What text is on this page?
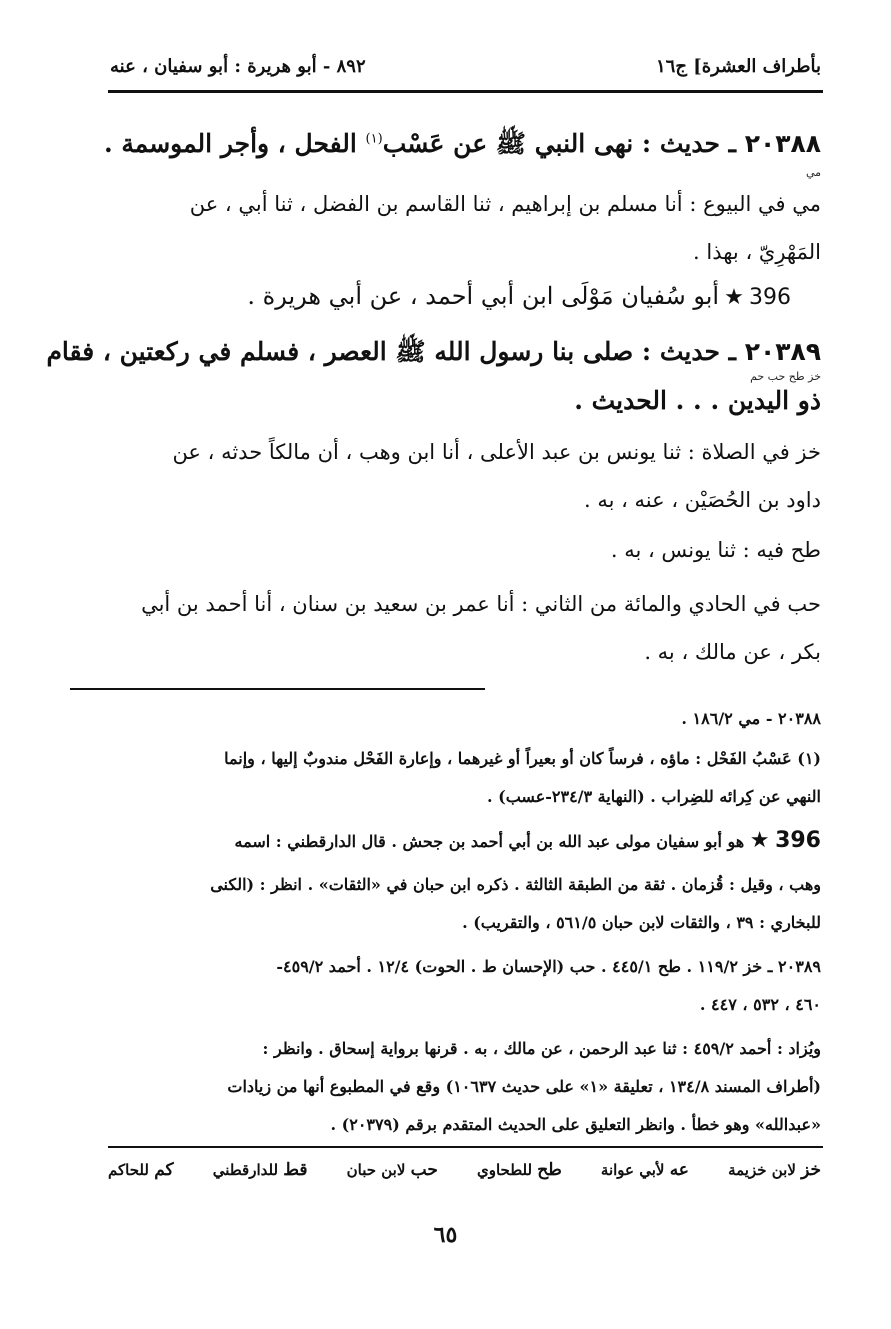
بأطراف العشرة] ج١٦
٨٩٢ - أبو هريرة : أبو سفيان ، عنه
٢٠٣٨٨ ـ حديث : نهى النبي ﷺ عن عَسْب$^{(١)}$ الفحل ، وأجر الموسمة .
مي
مي في البيوع : أنا مسلم بن إبراهيم ، ثنا القاسم بن الفضل ، ثنا أبي ، عن
المَهْرِيّ ، بهذا .
396 ★ أبو سُفيان مَوْلَى ابن أبي أحمد ، عن أبي هريرة .
٢٠٣٨٩ ـ حديث : صلى بنا رسول الله ﷺ العصر ، فسلم في ركعتين ، فقام
خز طح حب حم
ذو اليدين . . . الحديث .
خز في الصلاة : ثنا يونس بن عبد الأعلى ، أنا ابن وهب ، أن مالكاً حدثه ، عن
داود بن الحُصَيْن ، عنه ، به .
طح فيه : ثنا يونس ، به .
حب في الحادي والمائة من الثاني : أنا عمر بن سعيد بن سنان ، أنا أحمد بن أبي
بكر ، عن مالك ، به .
٢٠٣٨٨ - مي ١٨٦/٢ .
(١) عَسْبُ الفَحْل : ماؤه ، فرساً كان أو بعيراً أو غيرهما ، وإعارة الفَحْل مندوبٌ إليها ، وإنما
النهي عن كِرائه للضِراب . (النهاية ٢٣٤/٣-عسب) .
396 ★ هو أبو سفيان مولى عبد الله بن أبي أحمد بن جحش . قال الدارقطني : اسمه
وهب ، وقيل : قُزمان . ثقة من الطبقة الثالثة . ذكره ابن حبان في «الثقات» . انظر : (الكنى
للبخاري : ٣٩ ، والثقات لابن حبان ٥٦١/٥ ، والتقريب) .
٢٠٣٨٩ ـ خز ١١٩/٢ . طح ٤٤٥/١ . حب (الإحسان ط . الحوت) ١٢/٤ . أحمد ٤٥٩/٢-
٤٦٠ ، ٥٣٢ ، ٤٤٧ .
ويُزاد : أحمد ٤٥٩/٢ : ثنا عبد الرحمن ، عن مالك ، به . قرنها برواية إسحاق . وانظر :
(أطراف المسند ١٣٤/٨ ، تعليقة «١» على حديث ١٠٦٣٧) وقع في المطبوع أنها من زيادات
«عبدالله» وهو خطأ . وانظر التعليق على الحديث المتقدم برقم (٢٠٣٧٩) .
خز لابن خزيمة
عه لأبي عوانة
طح للطحاوي
حب لابن حبان
قط للدارقطني
كم للحاكم
٦٥
